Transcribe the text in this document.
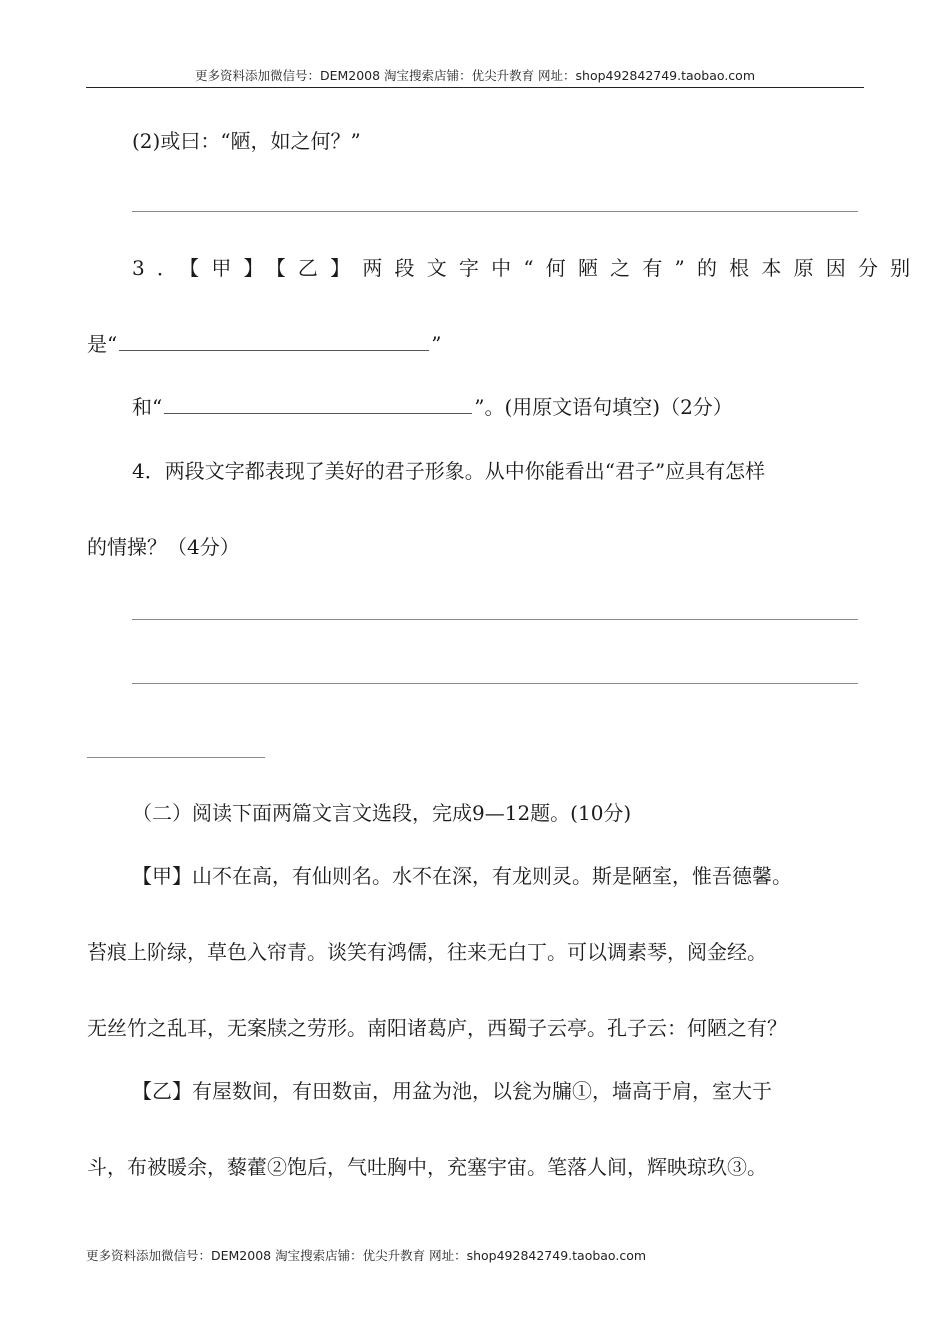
更多资料添加微信号：DEM2008 淘宝搜索店铺：优尖升教育 网址：shop492842749.taobao.com
(2)或曰：“陋，如之何？”
3．【甲】【乙】两段文字中“何陋之有”的根本原因分别
是“	”
和“	”。(用原文语句填空)（2分）
4．两段文字都表现了美好的君子形象。从中你能看出“君子”应具有怎样
的情操？（4分）
（二）阅读下面两篇文言文选段，完成9—12题。(10分)
【甲】山不在高，有仙则名。水不在深，有龙则灵。斯是陋室，惟吾德馨。
苔痕上阶绿，草色入帘青。谈笑有鸿儒，往来无白丁。可以调素琴，阅金经。
无丝竹之乱耳，无案牍之劳形。南阳诸葛庐，西蜀子云亭。孔子云：何陋之有？
【乙】有屋数间，有田数亩，用盆为池，以瓮为牖①，墙高于肩，室大于
斗，布被暖余，藜藿②饱后，气吐胸中，充塞宇宙。笔落人间，辉映琼玖③。
更多资料添加微信号：DEM2008 淘宝搜索店铺：优尖升教育 网址：shop492842749.taobao.com
